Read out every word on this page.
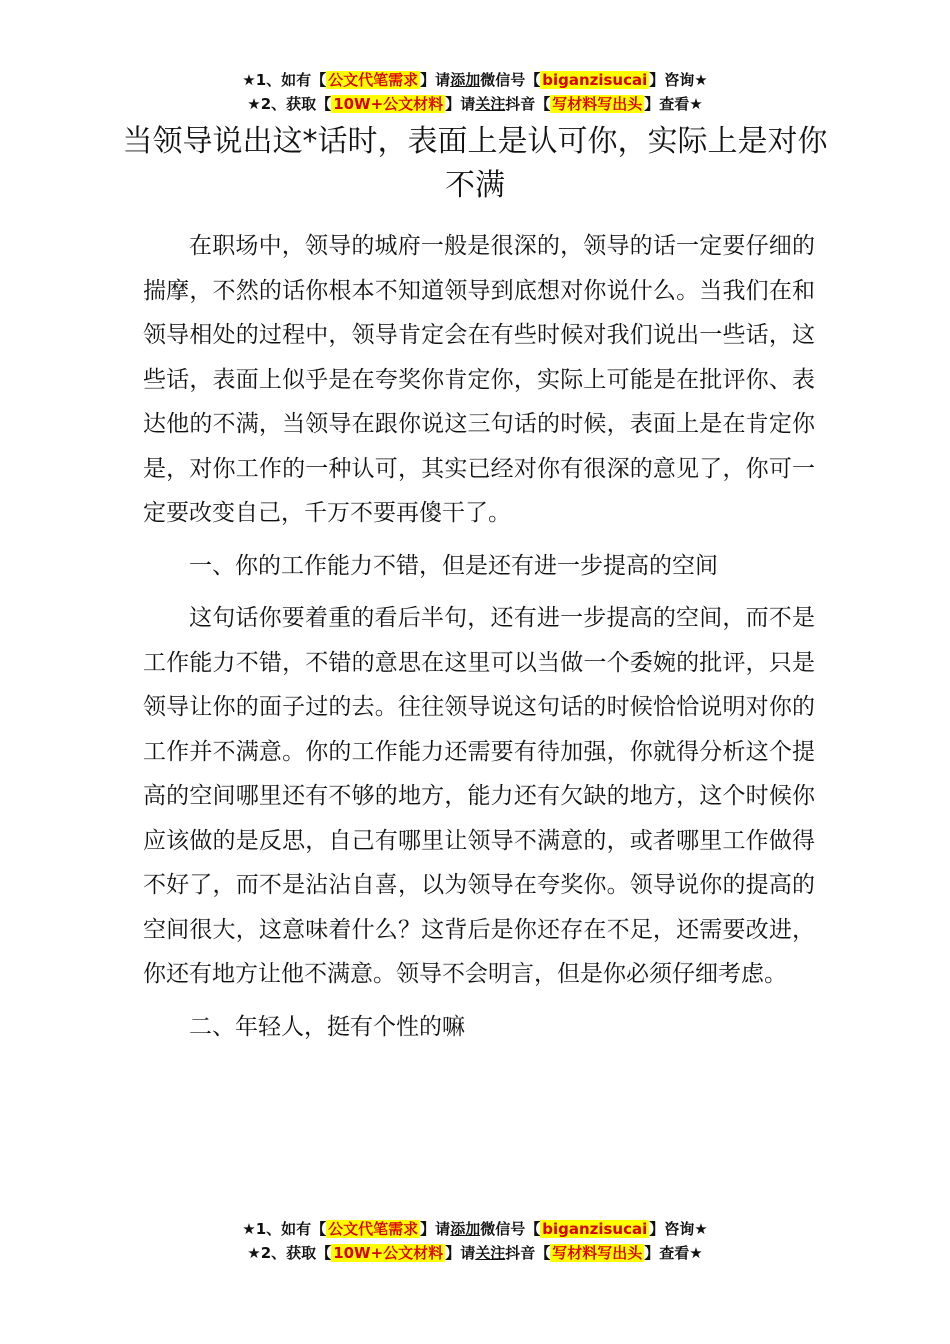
★1、如有【 公文代笔需求 】请添加微信号【 biganzisucai 】咨询★
★2、获取【 10W+公文材料 】请关注抖音【 写材料写出头 】查看★
当领导说出这*话时，表面上是认可你，实际上是对你不满

在职场中，领导的城府一般是很深的，领导的话一定要仔细的揣摩，不然的话你根本不知道领导到底想对你说什么。当我们在和领导相处的过程中，领导肯定会在有些时候对我们说出一些话，这些话，表面上似乎是在夸奖你肯定你，实际上可能是在批评你、表达他的不满，当领导在跟你说这三句话的时候，表面上是在肯定你是，对你工作的一种认可，其实已经对你有很深的意见了，你可一定要改变自己，千万不要再傻干了。

一、你的工作能力不错，但是还有进一步提高的空间

这句话你要着重的看后半句，还有进一步提高的空间，而不是工作能力不错，不错的意思在这里可以当做一个委婉的批评，只是领导让你的面子过的去。往往领导说这句话的时候恰恰说明对你的工作并不满意。你的工作能力还需要有待加强，你就得分析这个提高的空间哪里还有不够的地方，能力还有欠缺的地方，这个时候你应该做的是反思，自己有哪里让领导不满意的，或者哪里工作做得不好了，而不是沾沾自喜，以为领导在夸奖你。领导说你的提高的空间很大，这意味着什么？这背后是你还存在不足，还需要改进，你还有地方让他不满意。领导不会明言，但是你必须仔细考虑。

二、年轻人，挺有个性的嘛

★1、如有【 公文代笔需求 】请添加微信号【 biganzisucai 】咨询★
★2、获取【 10W+公文材料 】请关注抖音【 写材料写出头 】查看★
